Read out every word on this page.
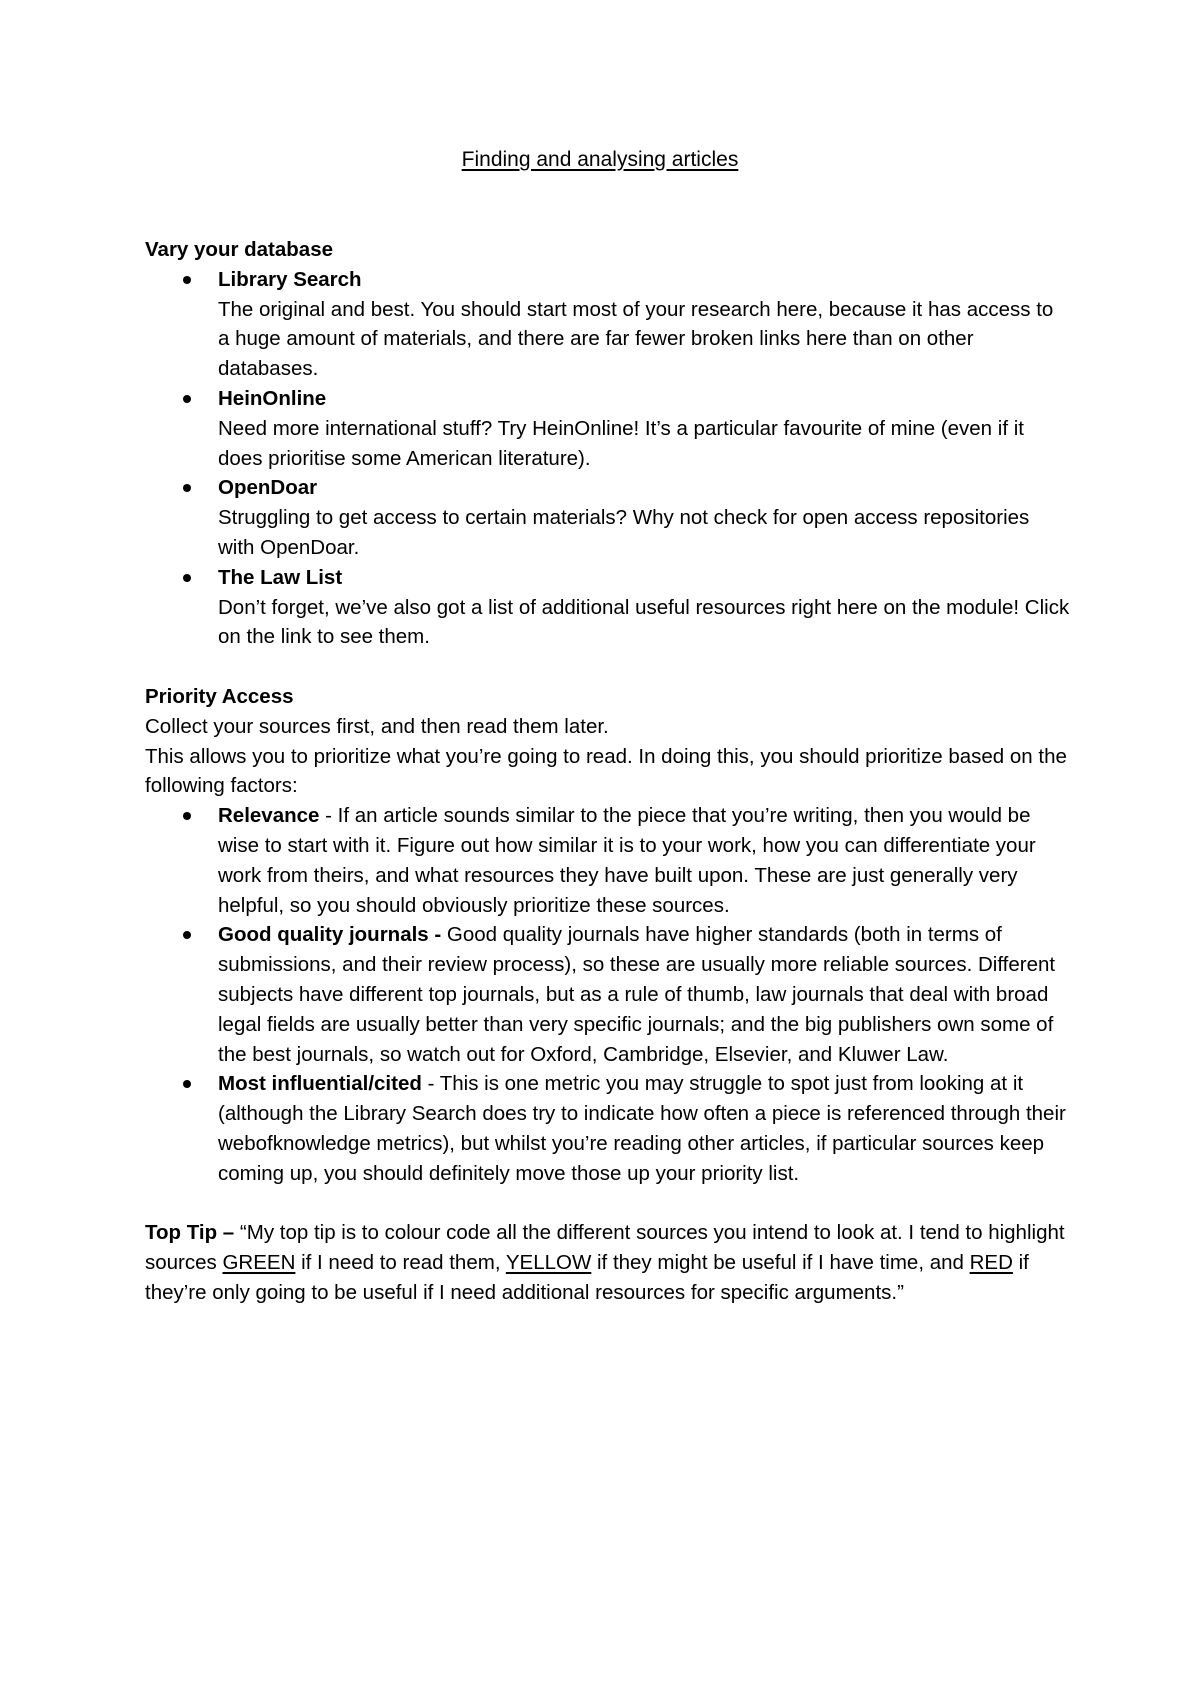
Finding and analysing articles

Vary your database

Library Search
The original and best. You should start most of your research here, because it has access to a huge amount of materials, and there are far fewer broken links here than on other databases.
HeinOnline
Need more international stuff? Try HeinOnline! It’s a particular favourite of mine (even if it does prioritise some American literature).
OpenDoar
Struggling to get access to certain materials? Why not check for open access repositories with OpenDoar.
The Law List
Don’t forget, we’ve also got a list of additional useful resources right here on the module! Click on the link to see them.

Priority Access

Collect your sources first, and then read them later.

This allows you to prioritize what you’re going to read. In doing this, you should prioritize based on the following factors:

Relevance - If an article sounds similar to the piece that you’re writing, then you would be wise to start with it. Figure out how similar it is to your work, how you can differentiate your work from theirs, and what resources they have built upon. These are just generally very helpful, so you should obviously prioritize these sources.
Good quality journals - Good quality journals have higher standards (both in terms of submissions, and their review process), so these are usually more reliable sources. Different subjects have different top journals, but as a rule of thumb, law journals that deal with broad legal fields are usually better than very specific journals; and the big publishers own some of the best journals, so watch out for Oxford, Cambridge, Elsevier, and Kluwer Law.
Most influential/cited - This is one metric you may struggle to spot just from looking at it (although the Library Search does try to indicate how often a piece is referenced through their webofknowledge metrics), but whilst you’re reading other articles, if particular sources keep coming up, you should definitely move those up your priority list.

Top Tip – “My top tip is to colour code all the different sources you intend to look at. I tend to highlight sources GREEN if I need to read them, YELLOW if they might be useful if I have time, and RED if they’re only going to be useful if I need additional resources for specific arguments.”
